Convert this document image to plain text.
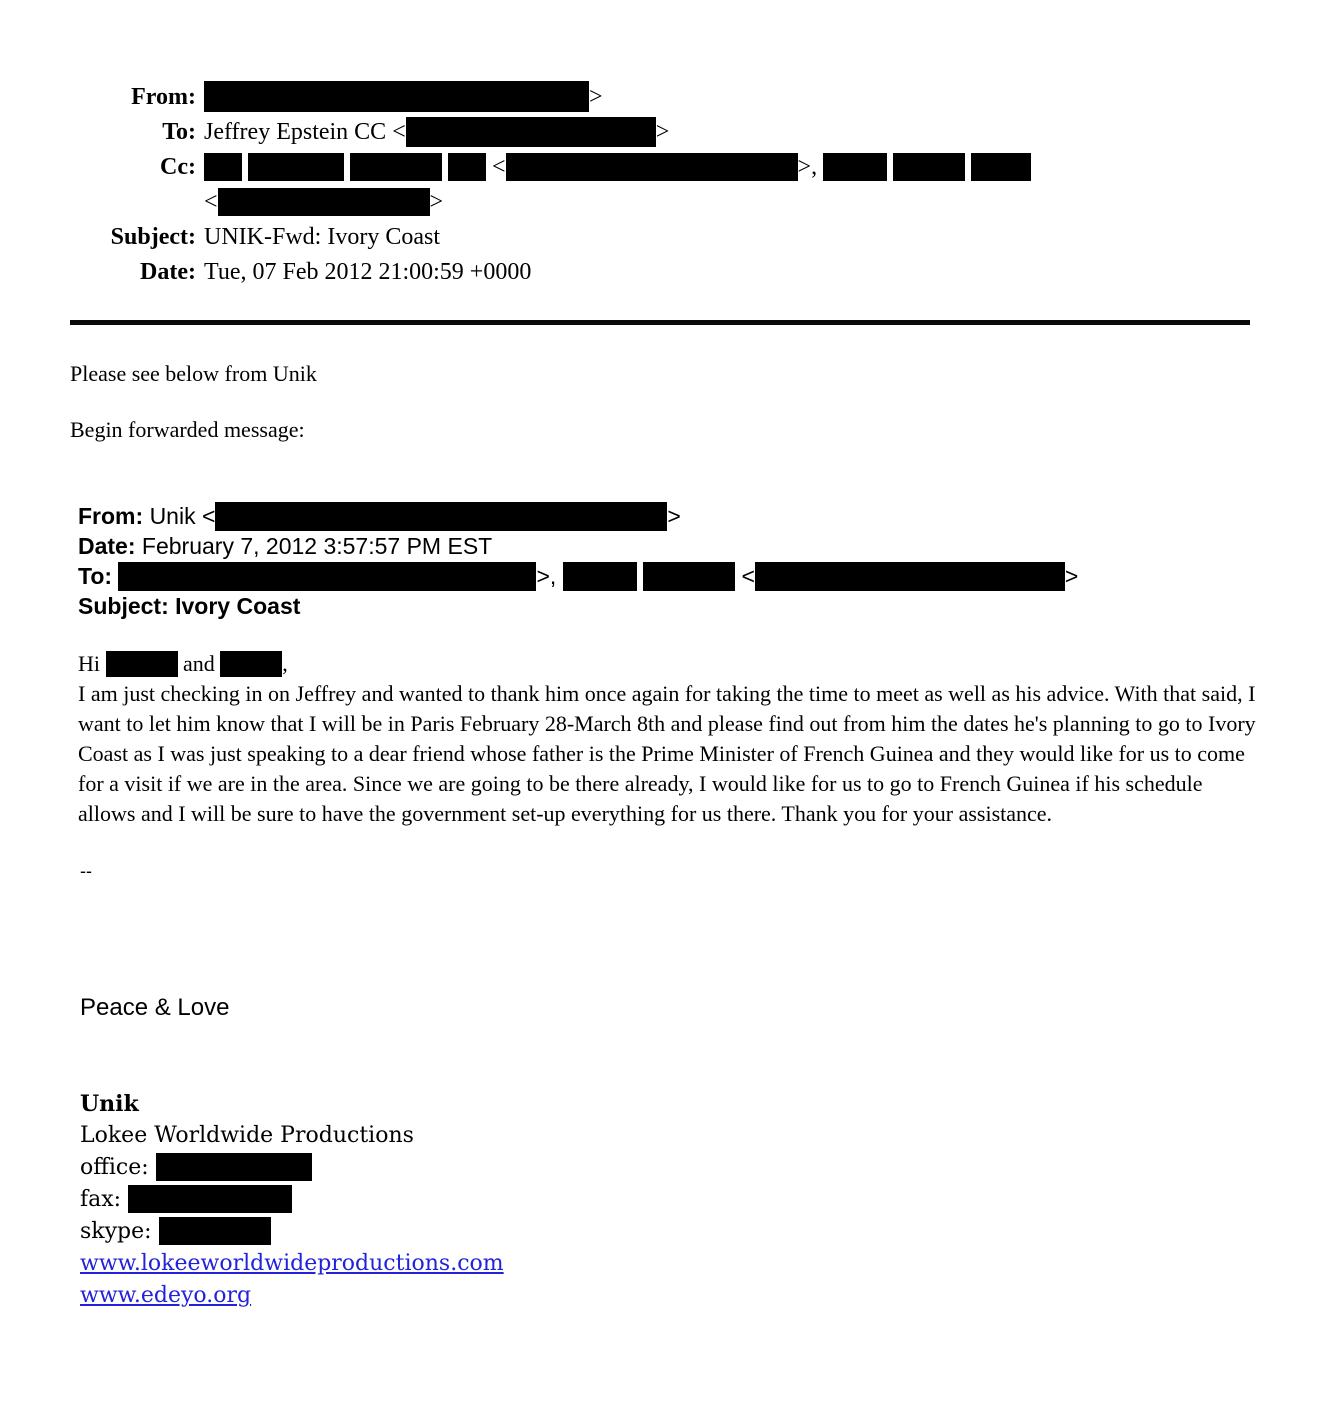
From:	>
To: Jeffrey Epstein CC <	>
Cc:	<	>,
<	>
Subject: UNIK-Fwd: Ivory Coast
Date: Tue, 07 Feb 2012 21:00:59 +0000
Please see below from Unik
Begin forwarded message:
From: Unik <	>
Date: February 7, 2012 3:57:57 PM EST
To:	>,	<	>
Subject: Ivory Coast
Hi	and	,
I am just checking in on Jeffrey and wanted to thank him once again for taking the time to meet as well as his advice. With that said, I want to let him know that I will be in Paris February 28-March 8th and please find out from him the dates he's planning to go to Ivory Coast as I was just speaking to a dear friend whose father is the Prime Minister of French Guinea and they would like for us to come for a visit if we are in the area. Since we are going to be there already, I would like for us to go to French Guinea if his schedule allows and I will be sure to have the government set-up everything for us there. Thank you for your assistance.
--
Peace & Love
Unik
Lokee Worldwide Productions
office:
fax:
skype:
www.lokeeworldwideproductions.com
www.edeyo.org
